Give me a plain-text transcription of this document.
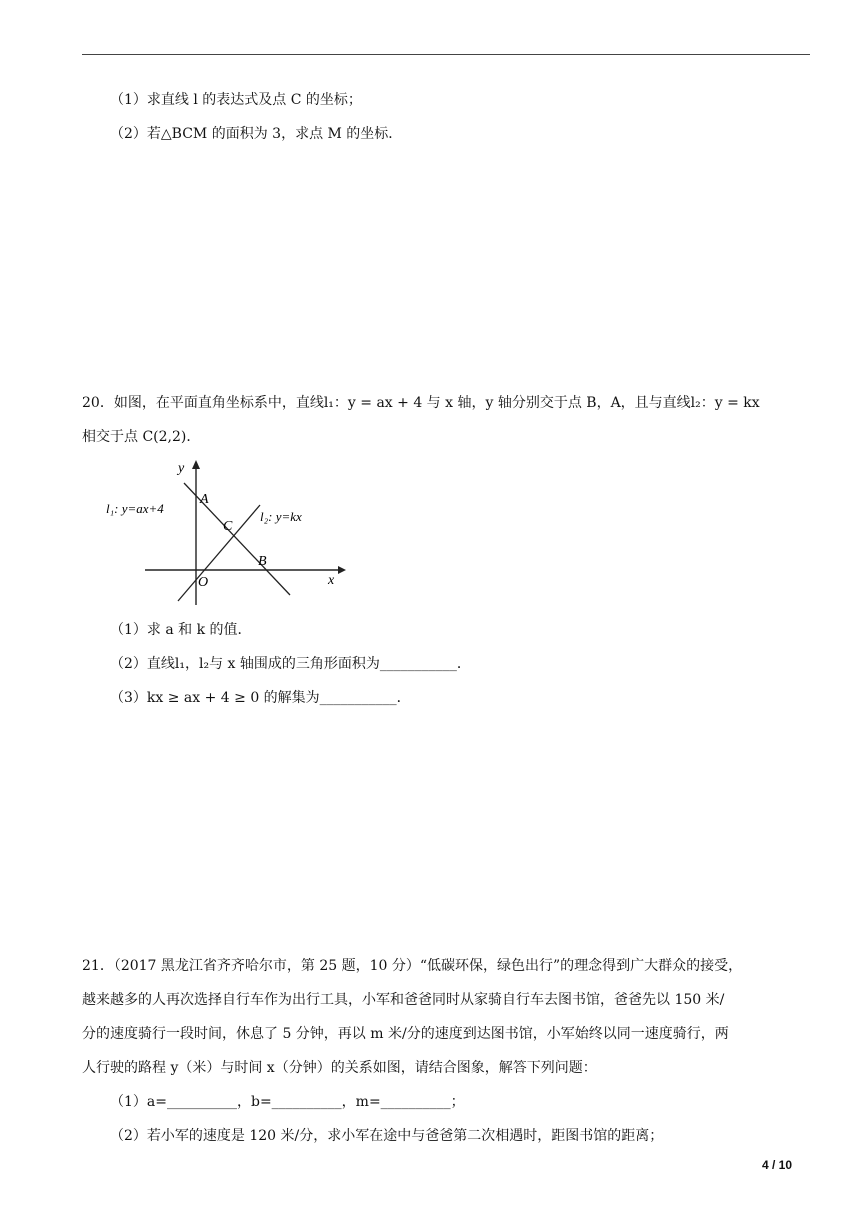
（1）求直线 l 的表达式及点 C 的坐标；
（2）若△BCM 的面积为 3，求点 M 的坐标．
20．如图，在平面直角坐标系中，直线l₁：y = ax + 4 与 x 轴，y 轴分别交于点 B，A，且与直线l₂：y = kx
相交于点 C(2,2)．
y
x
O
A
B
C
l₁: y=ax+4
l₂: y=kx
（1）求 a 和 k 的值．
（2）直线l₁，l₂与 x 轴围成的三角形面积为___________．
（3）kx ≥ ax + 4 ≥ 0 的解集为___________．
21．（2017 黑龙江省齐齐哈尔市，第 25 题，10 分）“低碳环保，绿色出行”的理念得到广大群众的接受，
越来越多的人再次选择自行车作为出行工具，小军和爸爸同时从家骑自行车去图书馆，爸爸先以 150 米/
分的速度骑行一段时间，休息了 5 分钟，再以 m 米/分的速度到达图书馆，小军始终以同一速度骑行，两
人行驶的路程 y（米）与时间 x（分钟）的关系如图，请结合图象，解答下列问题：
（1）a=__________，b=__________，m=__________；
（2）若小军的速度是 120 米/分，求小军在途中与爸爸第二次相遇时，距图书馆的距离；
4 / 10
